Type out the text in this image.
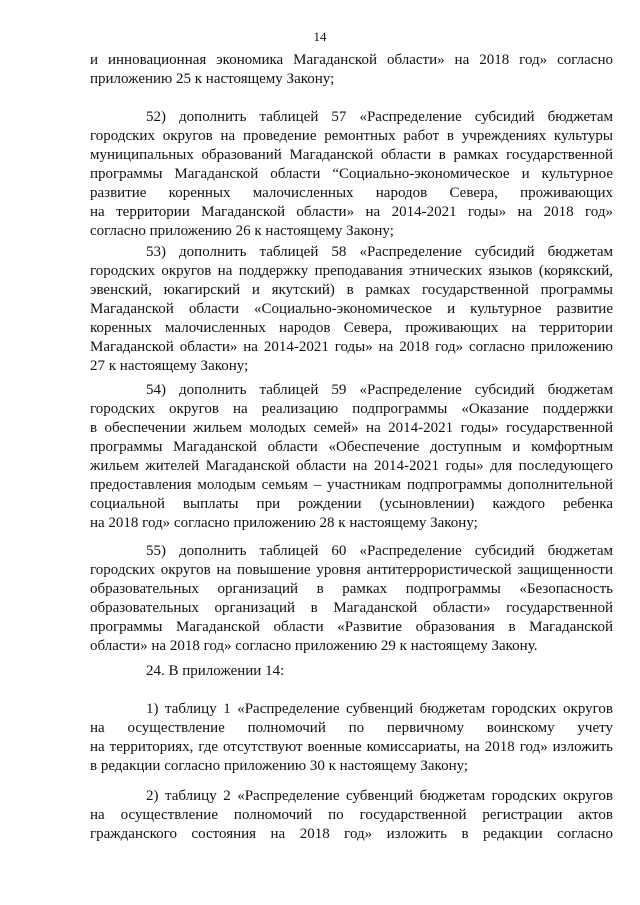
14
и инновационная экономика Магаданской области» на 2018 год» согласно
приложению 25 к настоящему Закону;
52) дополнить таблицей 57 «Распределение субсидий бюджетам
городских округов на проведение ремонтных работ в учреждениях культуры
муниципальных образований Магаданской области в рамках государственной
программы Магаданской области “Социально-экономическое и культурное
развитие коренных малочисленных народов Севера, проживающих
на территории Магаданской области» на 2014-2021 годы» на 2018 год»
согласно приложению 26 к настоящему Закону;
53) дополнить таблицей 58 «Распределение субсидий бюджетам
городских округов на поддержку преподавания этнических языков (корякский,
эвенский, юкагирский и якутский) в рамках государственной программы
Магаданской области «Социально-экономическое и культурное развитие
коренных малочисленных народов Севера, проживающих на территории
Магаданской области» на 2014-2021 годы» на 2018 год» согласно приложению
27 к настоящему Закону;
54) дополнить таблицей 59 «Распределение субсидий бюджетам
городских округов на реализацию подпрограммы «Оказание поддержки
в обеспечении жильем молодых семей» на 2014-2021 годы» государственной
программы Магаданской области «Обеспечение доступным и комфортным
жильем жителей Магаданской области на 2014-2021 годы» для последующего
предоставления молодым семьям – участникам подпрограммы дополнительной
социальной выплаты при рождении (усыновлении) каждого ребенка
на 2018 год» согласно приложению 28 к настоящему Закону;
55) дополнить таблицей 60 «Распределение субсидий бюджетам
городских округов на повышение уровня антитеррористической защищенности
образовательных организаций в рамках подпрограммы «Безопасность
образовательных организаций в Магаданской области» государственной
программы Магаданской области «Развитие образования в Магаданской
области» на 2018 год» согласно приложению 29 к настоящему Закону.
24. В приложении 14:
1) таблицу 1 «Распределение субвенций бюджетам городских округов
на осуществление полномочий по первичному воинскому учету
на территориях, где отсутствуют военные комиссариаты, на 2018 год» изложить
в редакции согласно приложению 30 к настоящему Закону;
2) таблицу 2 «Распределение субвенций бюджетам городских округов
на осуществление полномочий по государственной регистрации актов
гражданского состояния на 2018 год» изложить в редакции согласно
